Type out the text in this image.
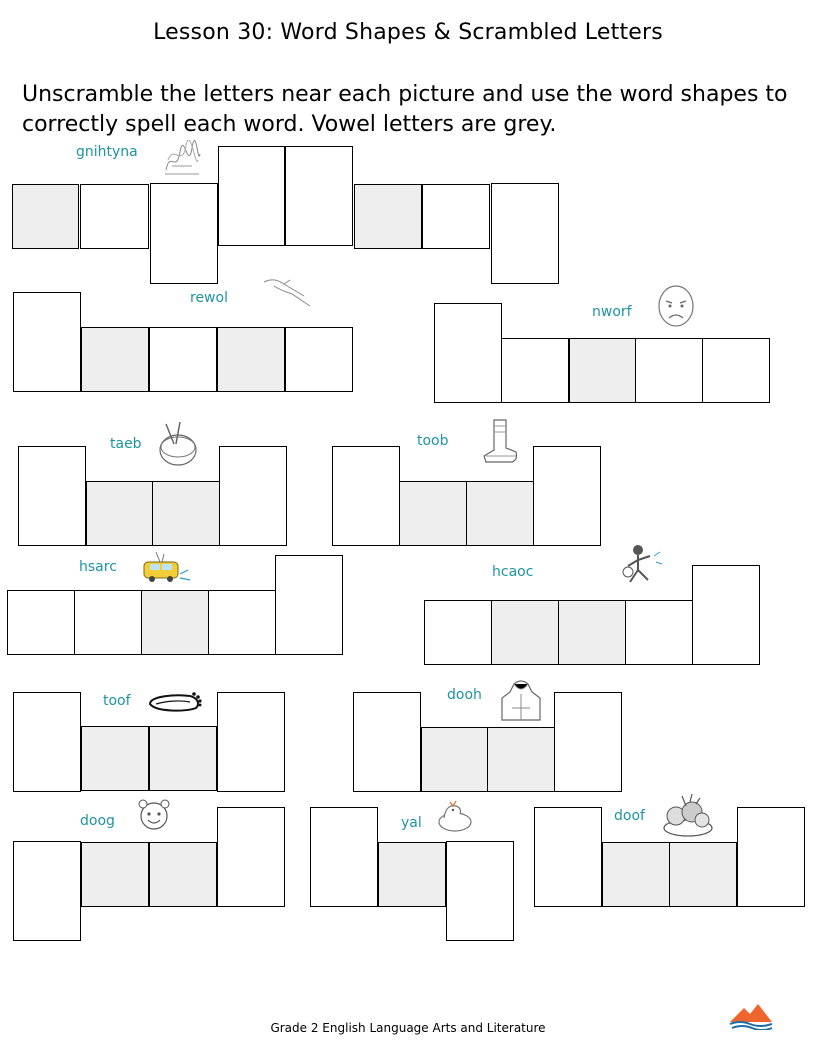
Lesson 30: Word Shapes & Scrambled Letters
Unscramble the letters near each picture and use the word shapes to correctly spell each word. Vowel letters are grey.
gnihtyna
rewol
nworf
taeb	toob
hsarc	hcaoc
toof	dooh
doog	yal	doof
Grade 2 English Language Arts and Literature
